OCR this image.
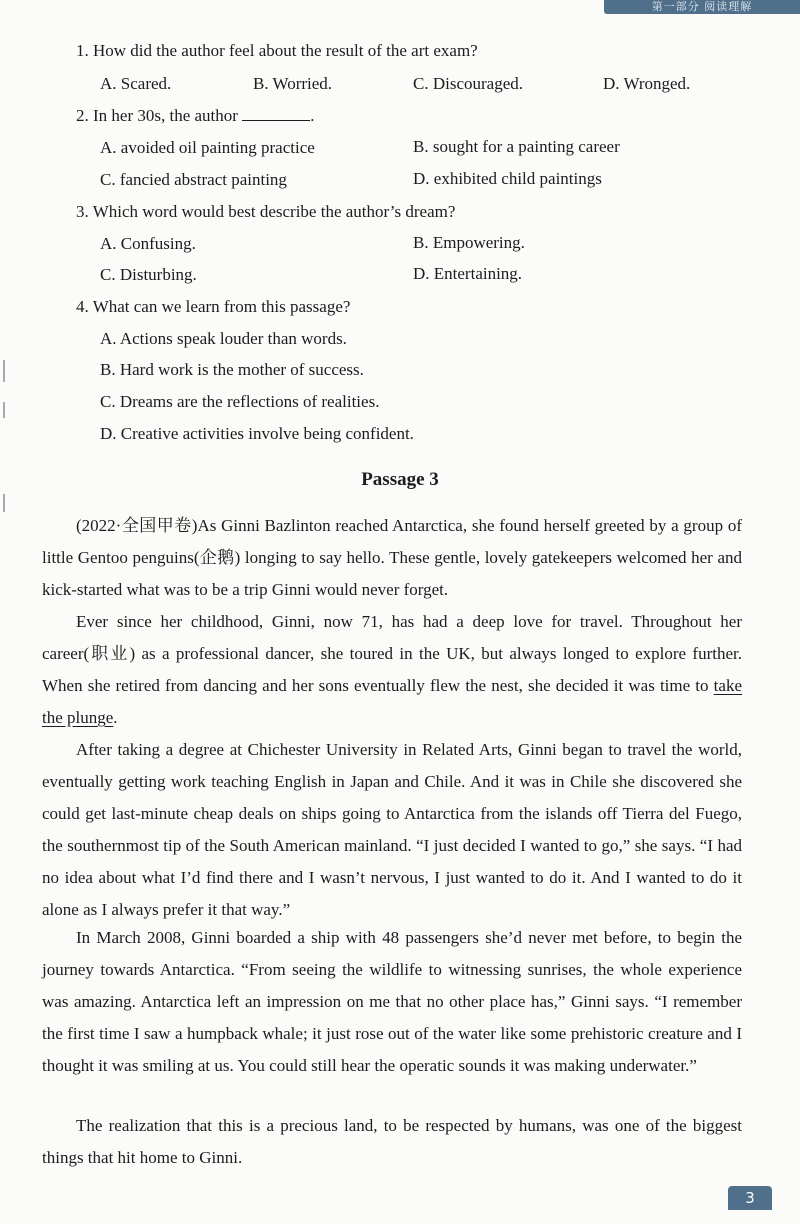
第一部分 阅读理解
1. How did the author feel about the result of the art exam?
A. Scared.	B. Worried.	C. Discouraged.	D. Wronged.
2. In her 30s, the author	.
A. avoided oil painting practice	B. sought for a painting career
C. fancied abstract painting	D. exhibited child paintings
3. Which word would best describe the author’s dream?
A. Confusing.	B. Empowering.
C. Disturbing.	D. Entertaining.
4. What can we learn from this passage?
A. Actions speak louder than words.
B. Hard work is the mother of success.
C. Dreams are the reflections of realities.
D. Creative activities involve being confident.
Passage 3

(2022·全国甲卷)As Ginni Bazlinton reached Antarctica, she found herself greeted by a group of little Gentoo penguins(企鹅) longing to say hello. These gentle, lovely gatekeepers welcomed her and kick-started what was to be a trip Ginni would never forget.

Ever since her childhood, Ginni, now 71, has had a deep love for travel. Throughout her career(职业) as a professional dancer, she toured in the UK, but always longed to explore further. When she retired from dancing and her sons eventually flew the nest, she decided it was time to take the plunge.

After taking a degree at Chichester University in Related Arts, Ginni began to travel the world, eventually getting work teaching English in Japan and Chile. And it was in Chile she discovered she could get last-minute cheap deals on ships going to Antarctica from the islands off Tierra del Fuego, the southernmost tip of the South American mainland. “I just decided I wanted to go,” she says. “I had no idea about what I’d find there and I wasn’t nervous, I just wanted to do it. And I wanted to do it alone as I always prefer it that way.”

In March 2008, Ginni boarded a ship with 48 passengers she’d never met before, to begin the journey towards Antarctica. “From seeing the wildlife to witnessing sunrises, the whole experience was amazing. Antarctica left an impression on me that no other place has,” Ginni says. “I remember the first time I saw a humpback whale; it just rose out of the water like some prehistoric creature and I thought it was smiling at us. You could still hear the operatic sounds it was making underwater.”

The realization that this is a precious land, to be respected by humans, was one of the biggest things that hit home to Ginni.

3
